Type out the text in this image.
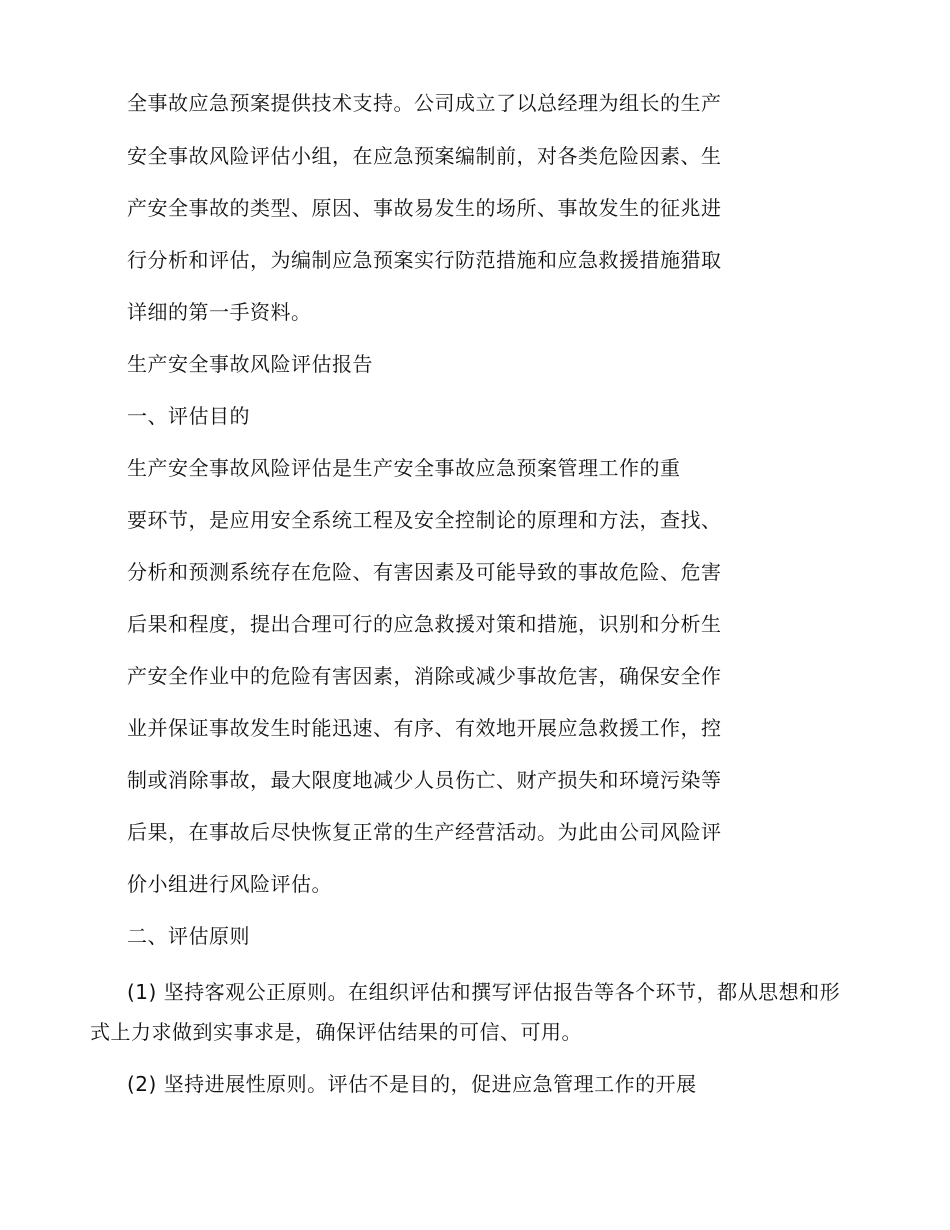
全事故应急预案提供技术支持。公司成立了以总经理为组长的生产
安全事故风险评估小组，在应急预案编制前，对各类危险因素、生
产安全事故的类型、原因、事故易发生的场所、事故发生的征兆进
行分析和评估，为编制应急预案实行防范措施和应急救援措施猎取
详细的第一手资料。
生产安全事故风险评估报告
一、评估目的
生产安全事故风险评估是生产安全事故应急预案管理工作的重
要环节，是应用安全系统工程及安全控制论的原理和方法，查找、
分析和预测系统存在危险、有害因素及可能导致的事故危险、危害
后果和程度，提出合理可行的应急救援对策和措施，识别和分析生
产安全作业中的危险有害因素，消除或减少事故危害，确保安全作
业并保证事故发生时能迅速、有序、有效地开展应急救援工作，控
制或消除事故，最大限度地减少人员伤亡、财产损失和环境污染等
后果，在事故后尽快恢复正常的生产经营活动。为此由公司风险评
价小组进行风险评估。
二、评估原则
(1) 坚持客观公正原则。在组织评估和撰写评估报告等各个环节，都从思想和形
式上力求做到实事求是，确保评估结果的可信、可用。
(2) 坚持进展性原则。评估不是目的，促进应急管理工作的开展
